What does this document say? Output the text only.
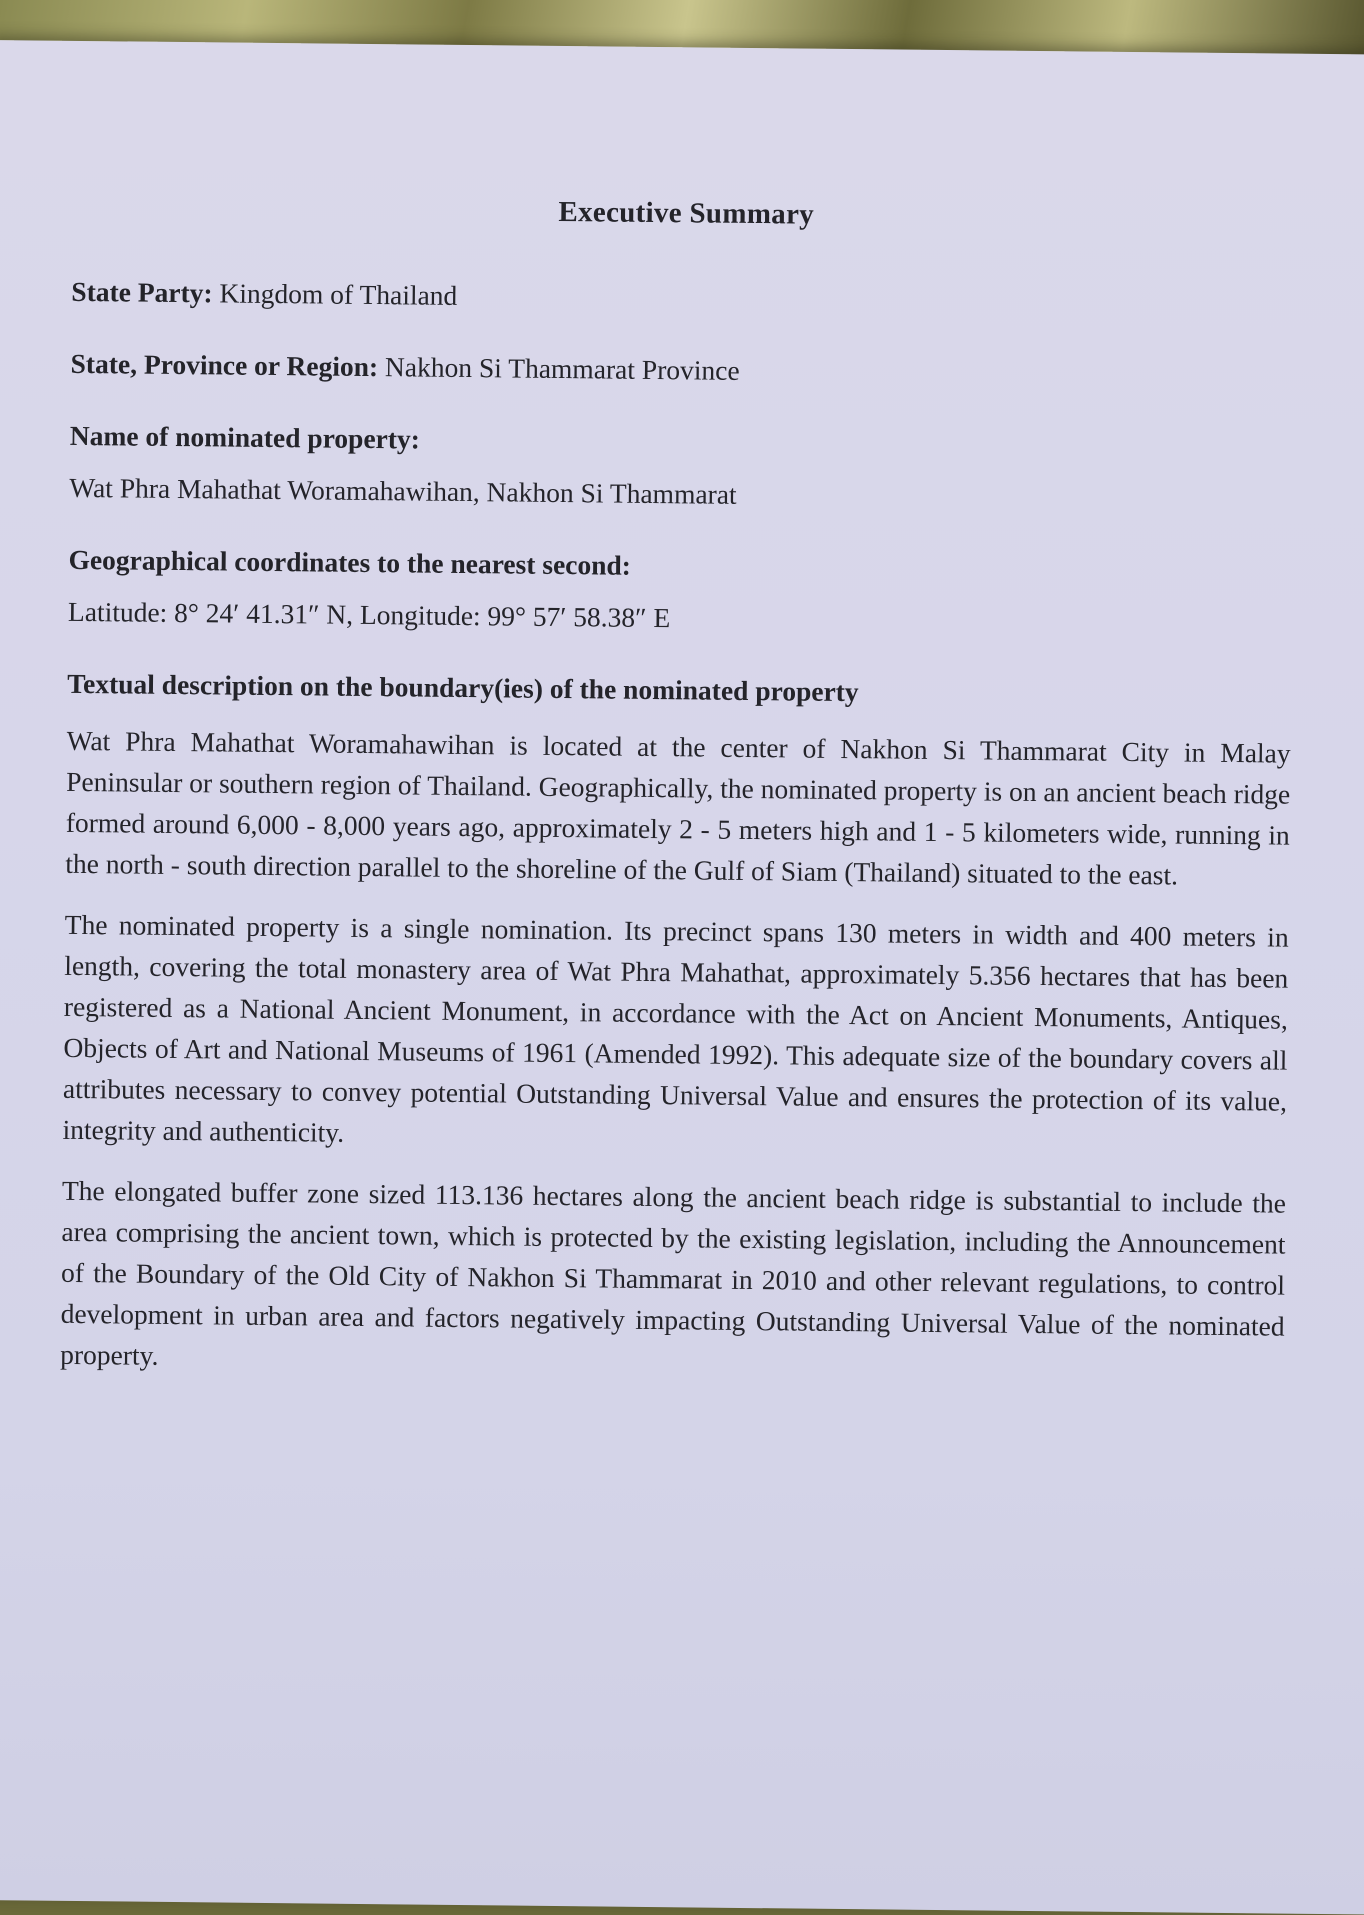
Executive Summary
State Party: Kingdom of Thailand
State, Province or Region: Nakhon Si Thammarat Province
Name of nominated property:
Wat Phra Mahathat Woramahawihan, Nakhon Si Thammarat
Geographical coordinates to the nearest second:
Latitude: 8° 24′ 41.31″ N, Longitude: 99° 57′ 58.38″ E
Textual description on the boundary(ies) of the nominated property

Wat Phra Mahathat Woramahawihan is located at the center of Nakhon Si Thammarat City in Malay Peninsular or southern region of Thailand. Geographically, the nominated property is on an ancient beach ridge formed around 6,000 - 8,000 years ago, approximately 2 - 5 meters high and 1 - 5 kilometers wide, running in the north - south direction parallel to the shoreline of the Gulf of Siam (Thailand) situated to the east.

The nominated property is a single nomination. Its precinct spans 130 meters in width and 400 meters in length, covering the total monastery area of Wat Phra Mahathat, approximately 5.356 hectares that has been registered as a National Ancient Monument, in accordance with the Act on Ancient Monuments, Antiques, Objects of Art and National Museums of 1961 (Amended 1992). This adequate size of the boundary covers all attributes necessary to convey potential Outstanding Universal Value and ensures the protection of its value, integrity and authenticity.

The elongated buffer zone sized 113.136 hectares along the ancient beach ridge is substantial to include the area comprising the ancient town, which is protected by the existing legislation, including the Announcement of the Boundary of the Old City of Nakhon Si Thammarat in 2010 and other relevant regulations, to control development in urban area and factors negatively impacting Outstanding Universal Value of the nominated property.
